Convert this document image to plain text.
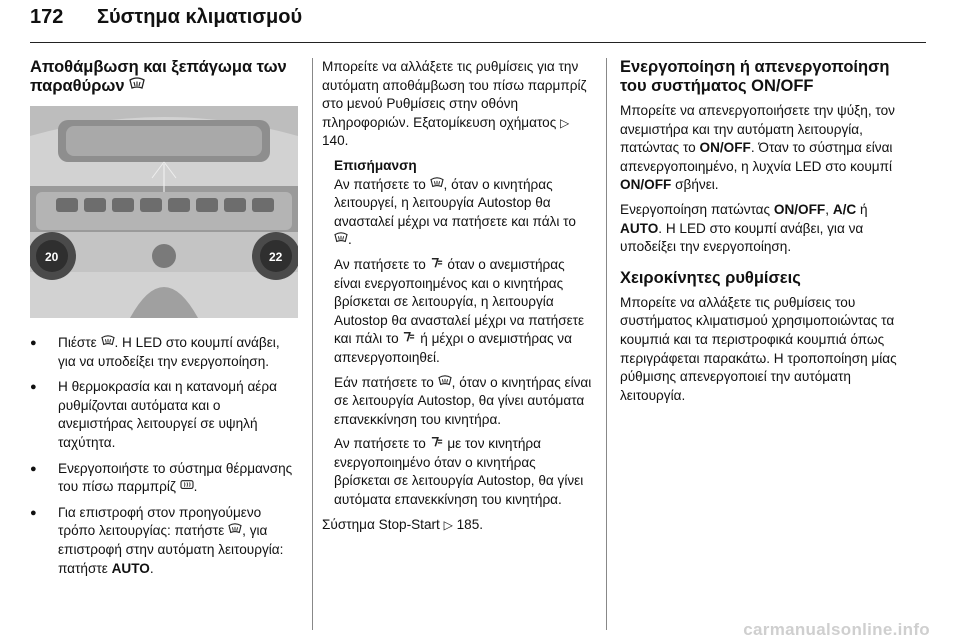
172 Σύστημα κλιματισμού
Αποθάμβωση και ξεπάγωμα των παραθύρων
20	22
● Πιέστε . Η LED στο κουμπί ανάβει, για να υποδείξει την ενεργοποίηση.
● Η θερμοκρασία και η κατανομή αέρα ρυθμίζονται αυτόματα και ο ανεμιστήρας λειτουργεί σε υψηλή ταχύτητα.
● Ενεργοποιήστε το σύστημα θέρμανσης του πίσω παρμπρίζ .
● Για επιστροφή στον προηγούμενο τρόπο λειτουργίας: πατήστε , για επιστροφή στην αυτόματη λειτουργία: πατήστε AUTO.

Μπορείτε να αλλάξετε τις ρυθμίσεις για την αυτόματη αποθάμβωση του πίσω παρμπρίζ στο μενού Ρυθμίσεις στην οθόνη πληροφοριών. Εξατομίκευση οχήματος ▷ 140.

Επισήμανση

Αν πατήσετε το , όταν ο κινητήρας λειτουργεί, η λειτουργία Autostop θα ανασταλεί μέχρι να πατήσετε και πάλι το .

Αν πατήσετε το όταν ο ανεμιστήρας είναι ενεργοποιημένος και ο κινητήρας βρίσκεται σε λειτουργία, η λειτουργία Autostop θα ανασταλεί μέχρι να πατήσετε και πάλι το ή μέχρι ο ανεμιστήρας να απενεργοποιηθεί.

Εάν πατήσετε το , όταν ο κινητήρας είναι σε λειτουργία Autostop, θα γίνει αυτόματα επανεκκίνηση του κινητήρα.

Αν πατήσετε το με τον κινητήρα ενεργοποιημένο όταν ο κινητήρας βρίσκεται σε λειτουργία Autostop, θα γίνει αυτόματα επανεκκίνηση του κινητήρα.

Σύστημα Stop-Start ▷ 185.

Ενεργοποίηση ή απενεργοποίηση του συστήματος ON/OFF

Μπορείτε να απενεργοποιήσετε την ψύξη, τον ανεμιστήρα και την αυτόματη λειτουργία, πατώντας το ON/OFF. Όταν το σύστημα είναι απενεργοποιημένο, η λυχνία LED στο κουμπί ON/OFF σβήνει.

Ενεργοποίηση πατώντας ON/OFF, A/C ή AUTO. Η LED στο κουμπί ανάβει, για να υποδείξει την ενεργοποίηση.

Χειροκίνητες ρυθμίσεις

Μπορείτε να αλλάξετε τις ρυθμίσεις του συστήματος κλιματισμού χρησιμοποιώντας τα κουμπιά και τα περιστροφικά κουμπιά όπως περιγράφεται παρακάτω. Η τροποποίηση μίας ρύθμισης απενεργοποιεί την αυτόματη λειτουργία.

carmanualsonline.info
